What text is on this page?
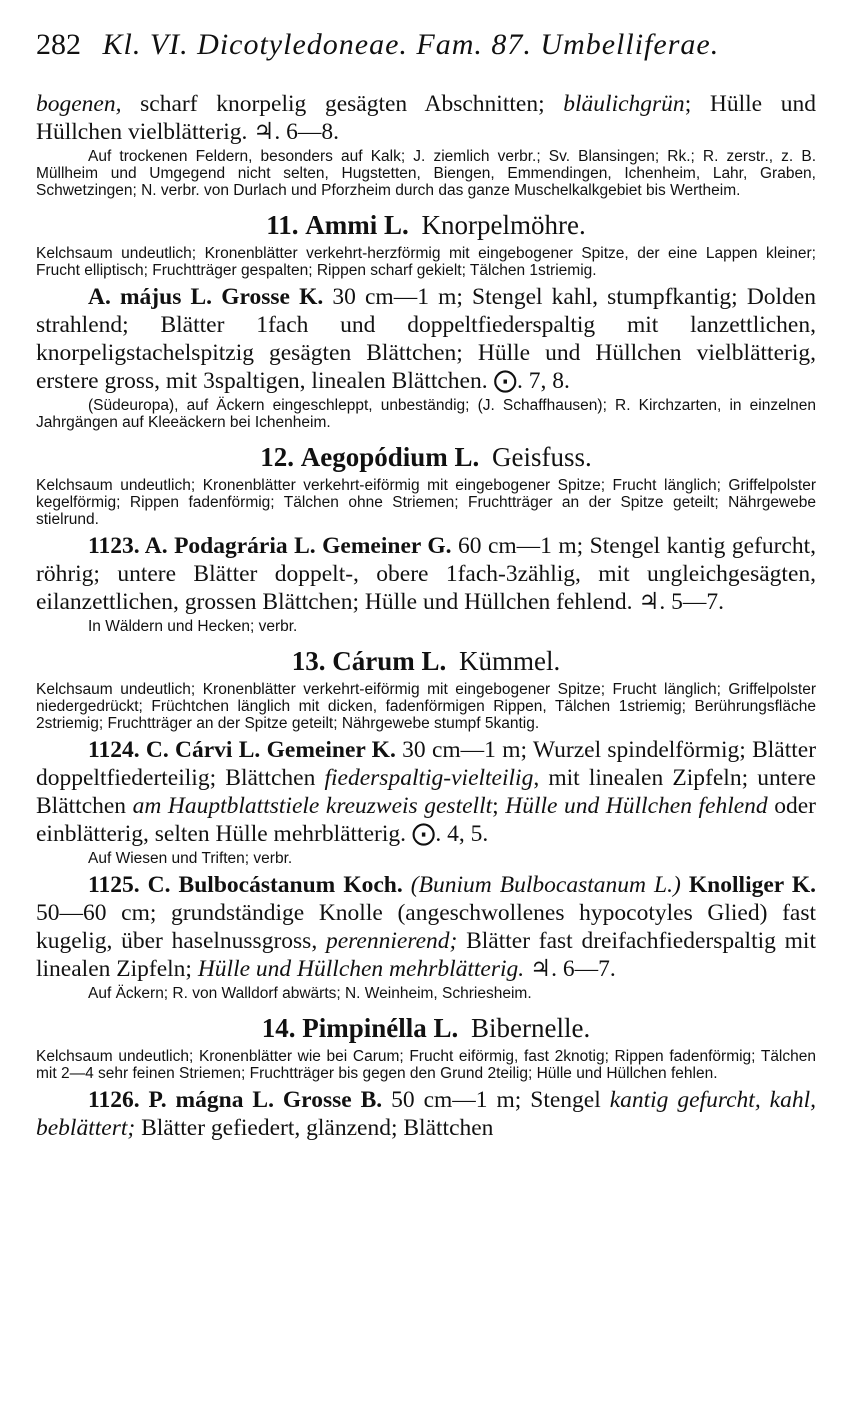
282 Kl. VI. Dicotyledoneae. Fam. 87. Umbelliferae.

bogenen, scharf knorpelig gesägten Abschnitten; bläulichgrün; Hülle und Hüllchen vielblätterig. ♃. 6—8.

Auf trockenen Feldern, besonders auf Kalk; J. ziemlich verbr.; Sv. Blansingen; Rk.; R. zerstr., z. B. Müllheim und Umgegend nicht selten, Hugstetten, Biengen, Emmendingen, Ichenheim, Lahr, Graben, Schwetzingen; N. verbr. von Durlach und Pforzheim durch das ganze Muschelkalkgebiet bis Wertheim.

11. Ammi L. Knorpelmöhre.

Kelchsaum undeutlich; Kronenblätter verkehrt-herzförmig mit eingebogener Spitze, der eine Lappen kleiner; Frucht elliptisch; Fruchtträger gespalten; Rippen scharf gekielt; Tälchen 1striemig.

A. május L. Grosse K. 30 cm—1 m; Stengel kahl, stumpfkantig; Dolden strahlend; Blätter 1fach und doppeltfiederspaltig mit lanzettlichen, knorpeligstachelspitzig gesägten Blättchen; Hülle und Hüllchen vielblätterig, erstere gross, mit 3spaltigen, linealen Blättchen. ⨀. 7, 8.

(Südeuropa), auf Äckern eingeschleppt, unbeständig; (J. Schaffhausen); R. Kirchzarten, in einzelnen Jahrgängen auf Kleeäckern bei Ichenheim.

12. Aegopódium L. Geisfuss.

Kelchsaum undeutlich; Kronenblätter verkehrt-eiförmig mit eingebogener Spitze; Frucht länglich; Griffelpolster kegelförmig; Rippen fadenförmig; Tälchen ohne Striemen; Fruchtträger an der Spitze geteilt; Nährgewebe stielrund.

1123. A. Podagrária L. Gemeiner G. 60 cm—1 m; Stengel kantig gefurcht, röhrig; untere Blätter doppelt-, obere 1fach-3zählig, mit ungleichgesägten, eilanzettlichen, grossen Blättchen; Hülle und Hüllchen fehlend. ♃. 5—7.

In Wäldern und Hecken; verbr.

13. Cárum L. Kümmel.

Kelchsaum undeutlich; Kronenblätter verkehrt-eiförmig mit eingebogener Spitze; Frucht länglich; Griffelpolster niedergedrückt; Früchtchen länglich mit dicken, fadenförmigen Rippen, Tälchen 1striemig; Berührungsfläche 2striemig; Fruchtträger an der Spitze geteilt; Nährgewebe stumpf 5kantig.

1124. C. Cárvi L. Gemeiner K. 30 cm—1 m; Wurzel spindelförmig; Blätter doppeltfiederteilig; Blättchen fiederspaltig-vielteilig, mit linealen Zipfeln; untere Blättchen am Hauptblattstiele kreuzweis gestellt; Hülle und Hüllchen fehlend oder einblätterig, selten Hülle mehrblätterig. ⨀. 4, 5.

Auf Wiesen und Triften; verbr.

1125. C. Bulbocástanum Koch. (Bunium Bulbocastanum L.) Knolliger K. 50—60 cm; grundständige Knolle (angeschwollenes hypocotyles Glied) fast kugelig, über haselnussgross, perennierend; Blätter fast dreifachfiederspaltig mit linealen Zipfeln; Hülle und Hüllchen mehrblätterig. ♃. 6—7.

Auf Äckern; R. von Walldorf abwärts; N. Weinheim, Schriesheim.

14. Pimpinélla L. Bibernelle.

Kelchsaum undeutlich; Kronenblätter wie bei Carum; Frucht eiförmig, fast 2knotig; Rippen fadenförmig; Tälchen mit 2—4 sehr feinen Striemen; Fruchtträger bis gegen den Grund 2teilig; Hülle und Hüllchen fehlen.

1126. P. mágna L. Grosse B. 50 cm—1 m; Stengel kantig gefurcht, kahl, beblättert; Blätter gefiedert, glänzend; Blättchen
